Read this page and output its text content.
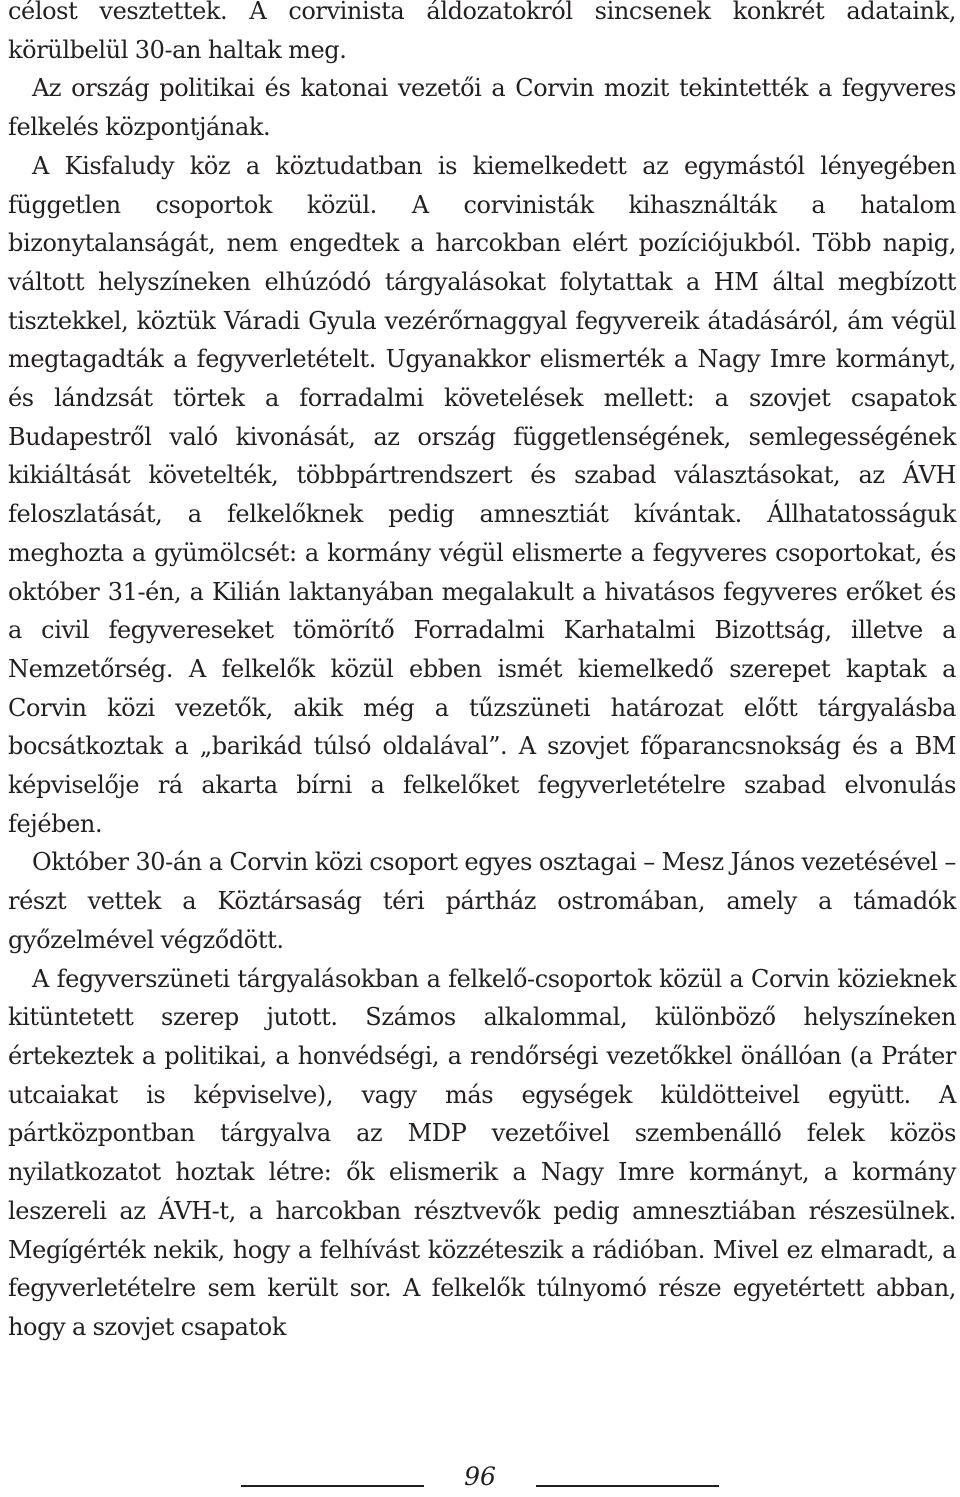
célost vesztettek. A corvinista áldozatokról sincsenek konkrét adataink, körülbelül 30-an haltak meg.

Az ország politikai és katonai vezetői a Corvin mozit tekintették a fegyveres felkelés központjának.

A Kisfaludy köz a köztudatban is kiemelkedett az egymástól lényegében független csoportok közül. A corvinisták kihasználták a hatalom bizonytalanságát, nem engedtek a harcokban elért pozíciójukból. Több napig, váltott helyszíneken elhúzódó tárgyalásokat folytattak a HM által megbízott tisztekkel, köztük Váradi Gyula vezérőrnaggyal fegyvereik átadásáról, ám végül megtagadták a fegyverletételt. Ugyanakkor elismerték a Nagy Imre kormányt, és lándzsát törtek a forradalmi követelések mellett: a szovjet csapatok Budapestről való kivonását, az ország függetlenségének, semlegességének kikiáltását követelték, többpártrendszert és szabad választásokat, az ÁVH feloszlatását, a felkelőknek pedig amnesztiát kívántak. Állhatatosságuk meghozta a gyümölcsét: a kormány végül elismerte a fegyveres csoportokat, és október 31-én, a Kilián laktanyában megalakult a hivatásos fegyveres erőket és a civil fegyvereseket tömörítő Forradalmi Karhatalmi Bizottság, illetve a Nemzetőrség. A felkelők közül ebben ismét kiemelkedő szerepet kaptak a Corvin közi vezetők, akik még a tűzszüneti határozat előtt tárgyalásba bocsátkoztak a „barikád túlsó oldalával”. A szovjet főparancsnokság és a BM képviselője rá akarta bírni a felkelőket fegyverletételre szabad elvonulás fejében.

Október 30-án a Corvin közi csoport egyes osztagai – Mesz János vezetésével – részt vettek a Köztársaság téri pártház ostromában, amely a támadók győzelmével végződött.

A fegyverszüneti tárgyalásokban a felkelő-csoportok közül a Corvin közieknek kitüntetett szerep jutott. Számos alkalommal, különböző helyszíneken értekeztek a politikai, a honvédségi, a rendőrségi vezetőkkel önállóan (a Práter utcaiakat is képviselve), vagy más egységek küldötteivel együtt. A pártközpontban tárgyalva az MDP vezetőivel szembenálló felek közös nyilatkozatot hoztak létre: ők elismerik a Nagy Imre kormányt, a kormány leszereli az ÁVH-t, a harcokban résztvevők pedig amnesztiában részesülnek. Megígérték nekik, hogy a felhívást közzéteszik a rádióban. Mivel ez elmaradt, a fegyverletételre sem került sor. A felkelők túlnyomó része egyetértett abban, hogy a szovjet csapatok

96
